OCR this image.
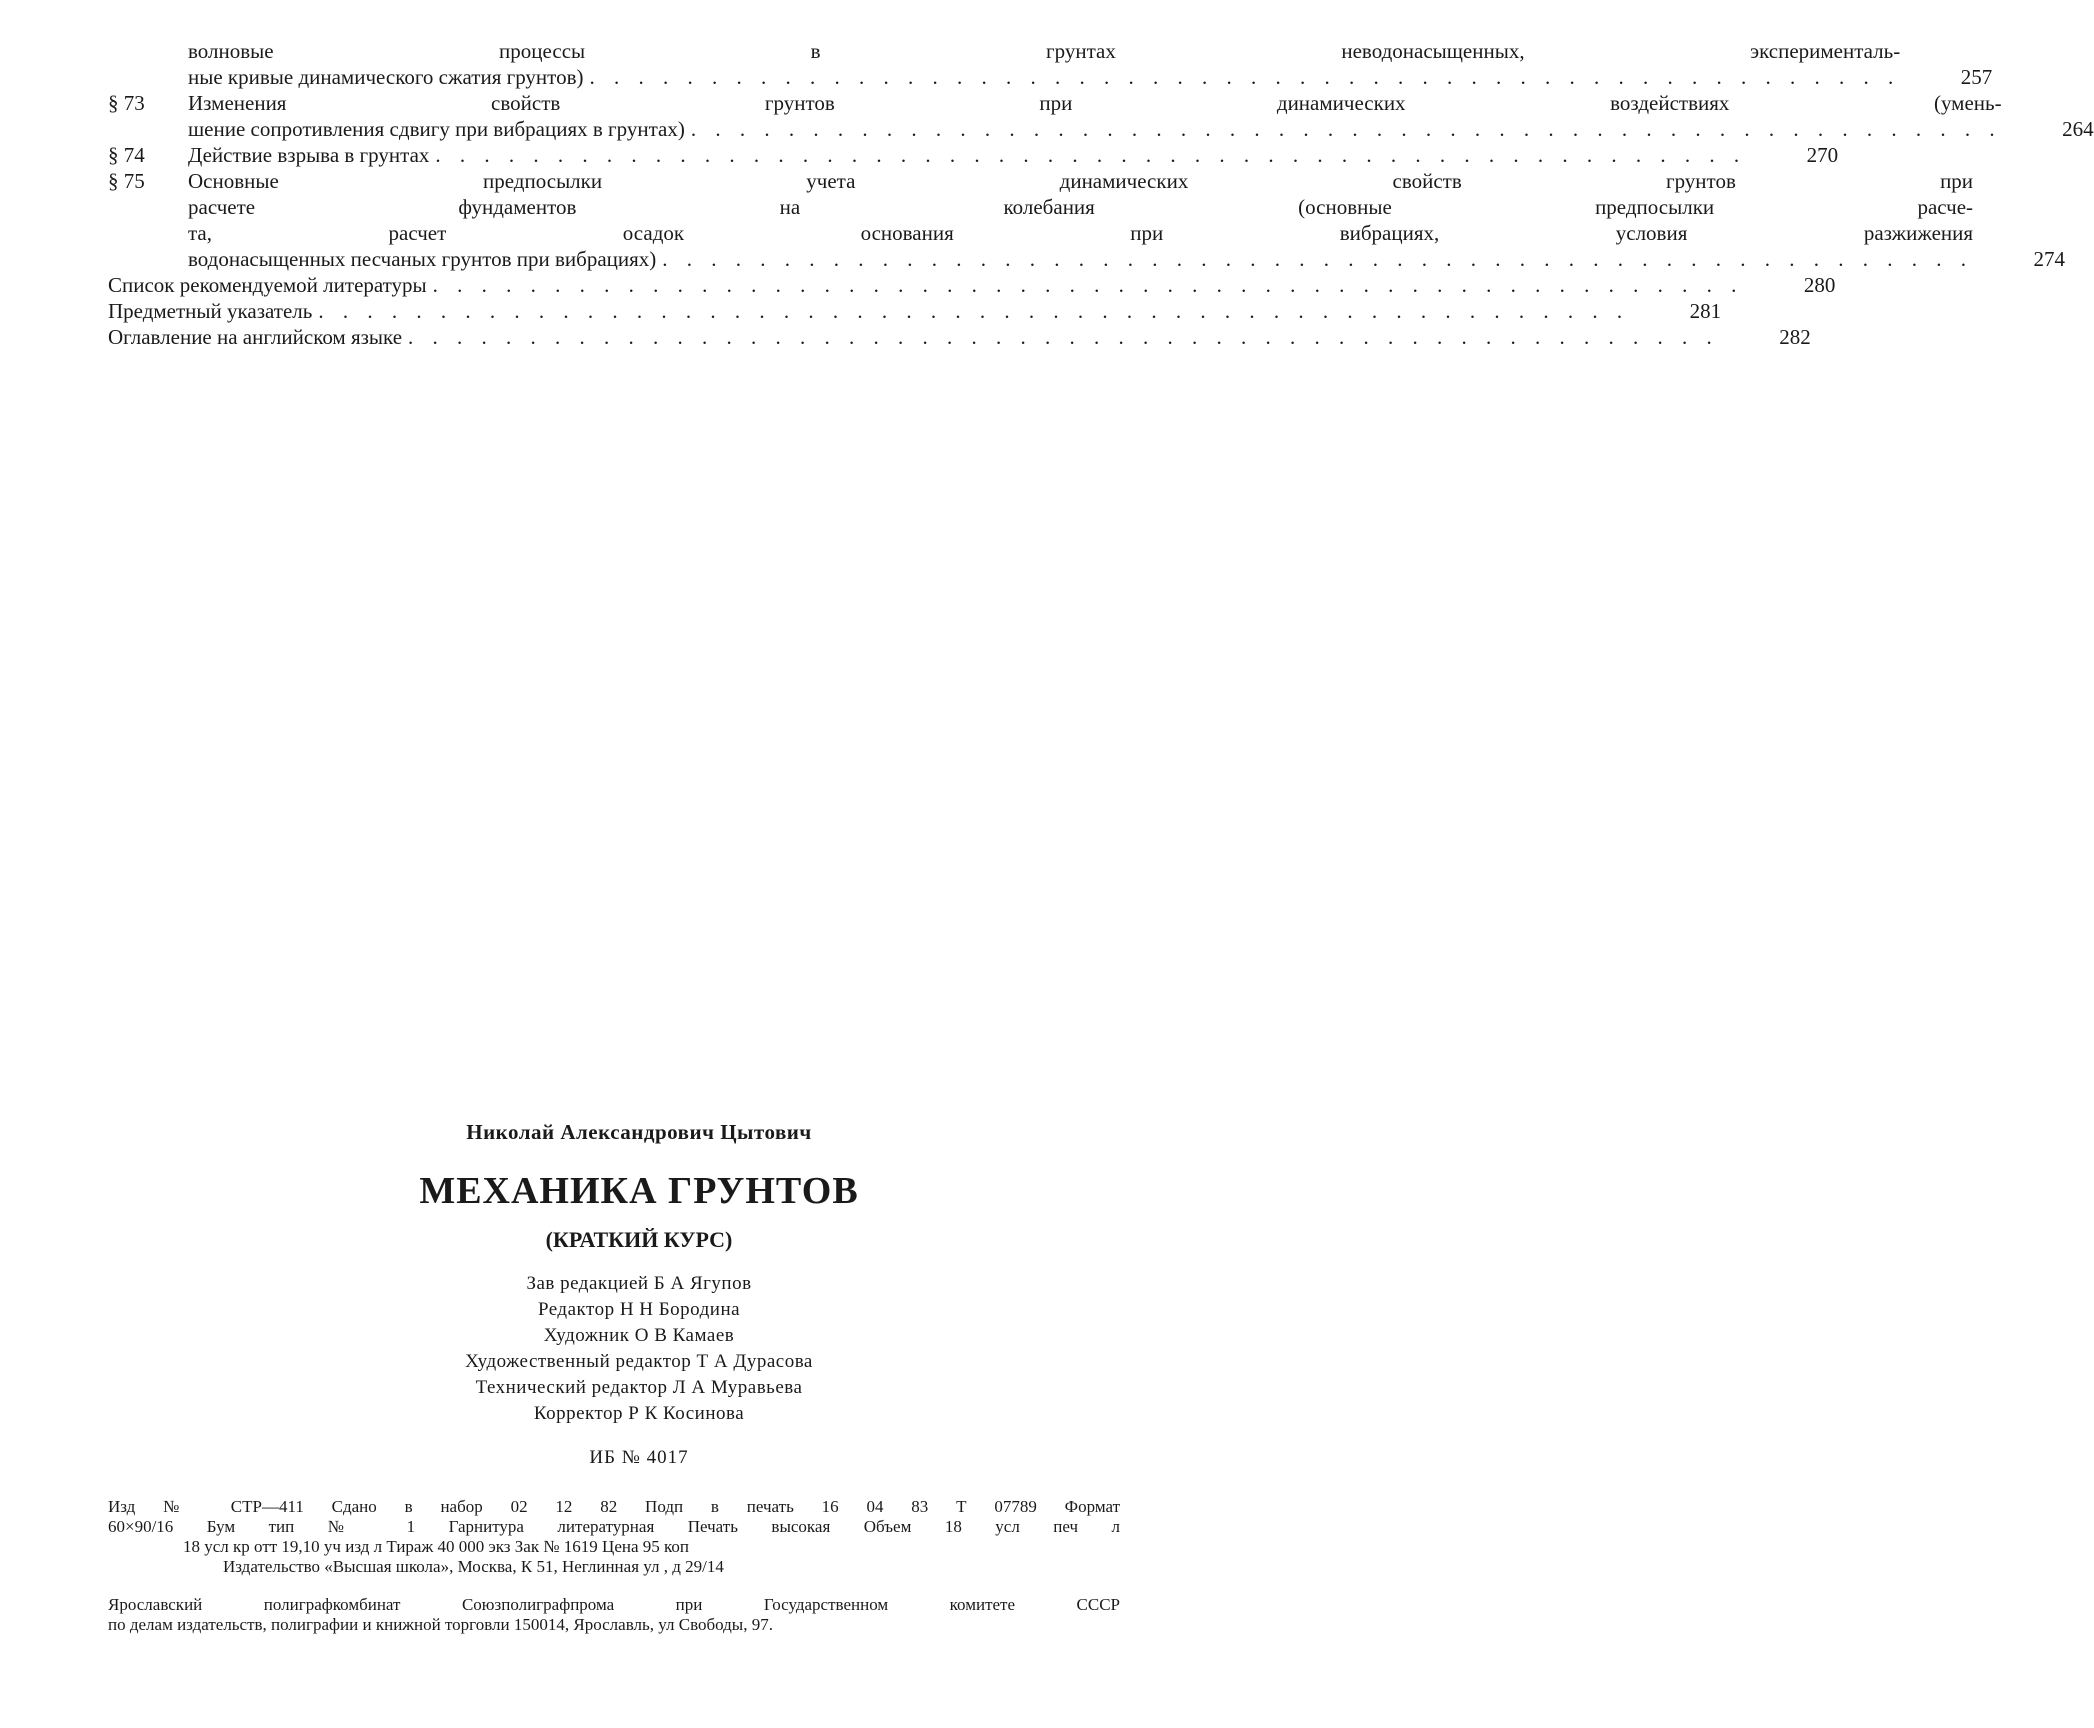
волновые процессы в грунтах неводонасыщенных, эксперименталь-
ные кривые динамического сжатия грунтов) . . .	257
§ 73	Изменения свойств грунтов при динамических воздействиях (умень-
шение сопротивления сдвигу при вибрациях в грунтах) . . .	264
§ 74	Действие взрыва в грунтах . . .	270
§ 75	Основные предпосылки учета динамических свойств грунтов при
расчете фундаментов на колебания (основные предпосылки расче-
та, расчет осадок основания при вибрациях, условия разжижения
водонасыщенных песчаных грунтов при вибрациях) . . .	274
Список рекомендуемой литературы . . .	280
Предметный указатель . . .	281
Оглавление на английском языке . . .	282
Николай Александрович Цытович
МЕХАНИКА ГРУНТОВ
(КРАТКИЙ КУРС)
Зав редакцией Б А Ягупов
Редактор Н Н Бородина
Художник О В Камаев
Художественный редактор Т А Дурасова
Технический редактор Л А Муравьева
Корректор Р К Косинова
ИБ № 4017
Изд № СТР—411 Сдано в набор 02 12 82 Подп в печать 16 04 83 Т 07789 Формат
60×90/16 Бум тип № 1 Гарнитура литературная Печать высокая Объем 18 усл печ л
18 усл кр отт 19,10 уч изд л Тираж 40 000 экз Зак № 1619 Цена 95 коп
Издательство «Высшая школа», Москва, К 51, Неглинная ул , д 29/14
Ярославский полиграфкомбинат Союзполиграфпрома при Государственном комитете СССР
по делам издательств, полиграфии и книжной торговли 150014, Ярославль, ул Свободы, 97.
